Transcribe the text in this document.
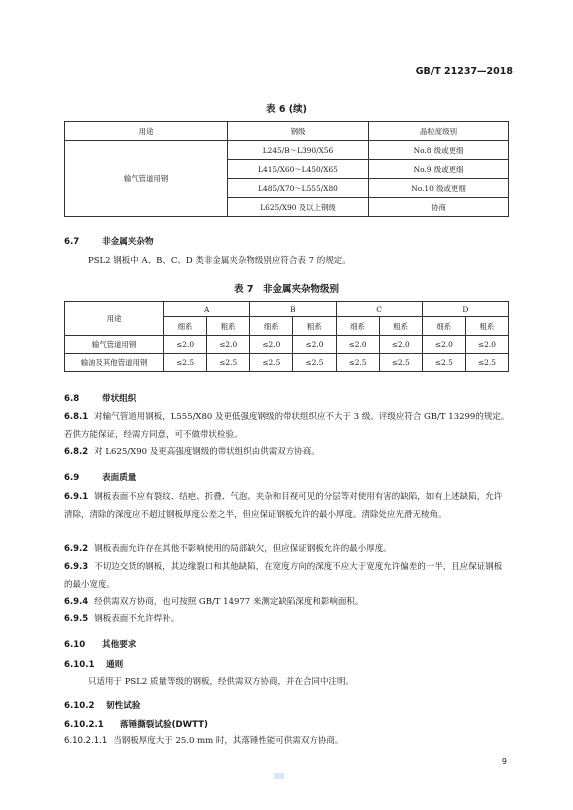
GB/T 21237—2018
表 6 (续)
用途	钢级	晶粒度级别
输气管道用钢	L245/B～L390/X56	No.8 级或更细
	L415/X60～L450/X65	No.9 级或更细
	L485/X70～L555/X80	No.10 级或更细
	L625/X90 及以上钢级	协商
6.7	非金属夹杂物
PSL2 钢板中 A、B、C、D 类非金属夹杂物级别应符合表 7 的规定。
表 7　非金属夹杂物级别
用途	A		B		C		D	
	细系	粗系	细系	粗系	细系	粗系	细系	粗系
输气管道用钢	≤2.0	≤2.0	≤2.0	≤2.0	≤2.0	≤2.0	≤2.0	≤2.0
输油及其他管道用钢	≤2.5	≤2.5	≤2.5	≤2.5	≤2.5	≤2.5	≤2.5	≤2.5
6.8	带状组织
6.8.1 对输气管道用钢板，L555/X80 及更低强度钢级的带状组织应不大于 3 级。评级应符合 GB/T 13299的规定。若供方能保证，经需方同意，可不做带状检验。
6.8.2 对 L625/X90 及更高强度钢级的带状组织由供需双方协商。
6.9	表面质量
6.9.1 钢板表面不应有裂纹、结疤、折叠、气泡、夹杂和目视可见的分层等对使用有害的缺陷，如有上述缺陷，允许清除，清除的深度应不超过钢板厚度公差之半，但应保证钢板允许的最小厚度。清除处应光滑无棱角。
6.9.2 钢板表面允许存在其他不影响使用的局部缺欠，但应保证钢板允许的最小厚度。
6.9.3 不切边交货的钢板，其边缘裂口和其他缺陷，在宽度方向的深度不应大于宽度允许偏差的一半，且应保证钢板的最小宽度。
6.9.4 经供需双方协商，也可按照 GB/T 14977 来测定缺陷深度和影响面积。
6.9.5 钢板表面不允许焊补。
6.10 其他要求
6.10.1 通则
只适用于 PSL2 质量等级的钢板，经供需双方协商，并在合同中注明。
6.10.2 韧性试验
6.10.2.1 落锤撕裂试验(DWTT)
6.10.2.1.1 当钢板厚度大于 25.0 mm 时，其落锤性能可供需双方协商。
9
